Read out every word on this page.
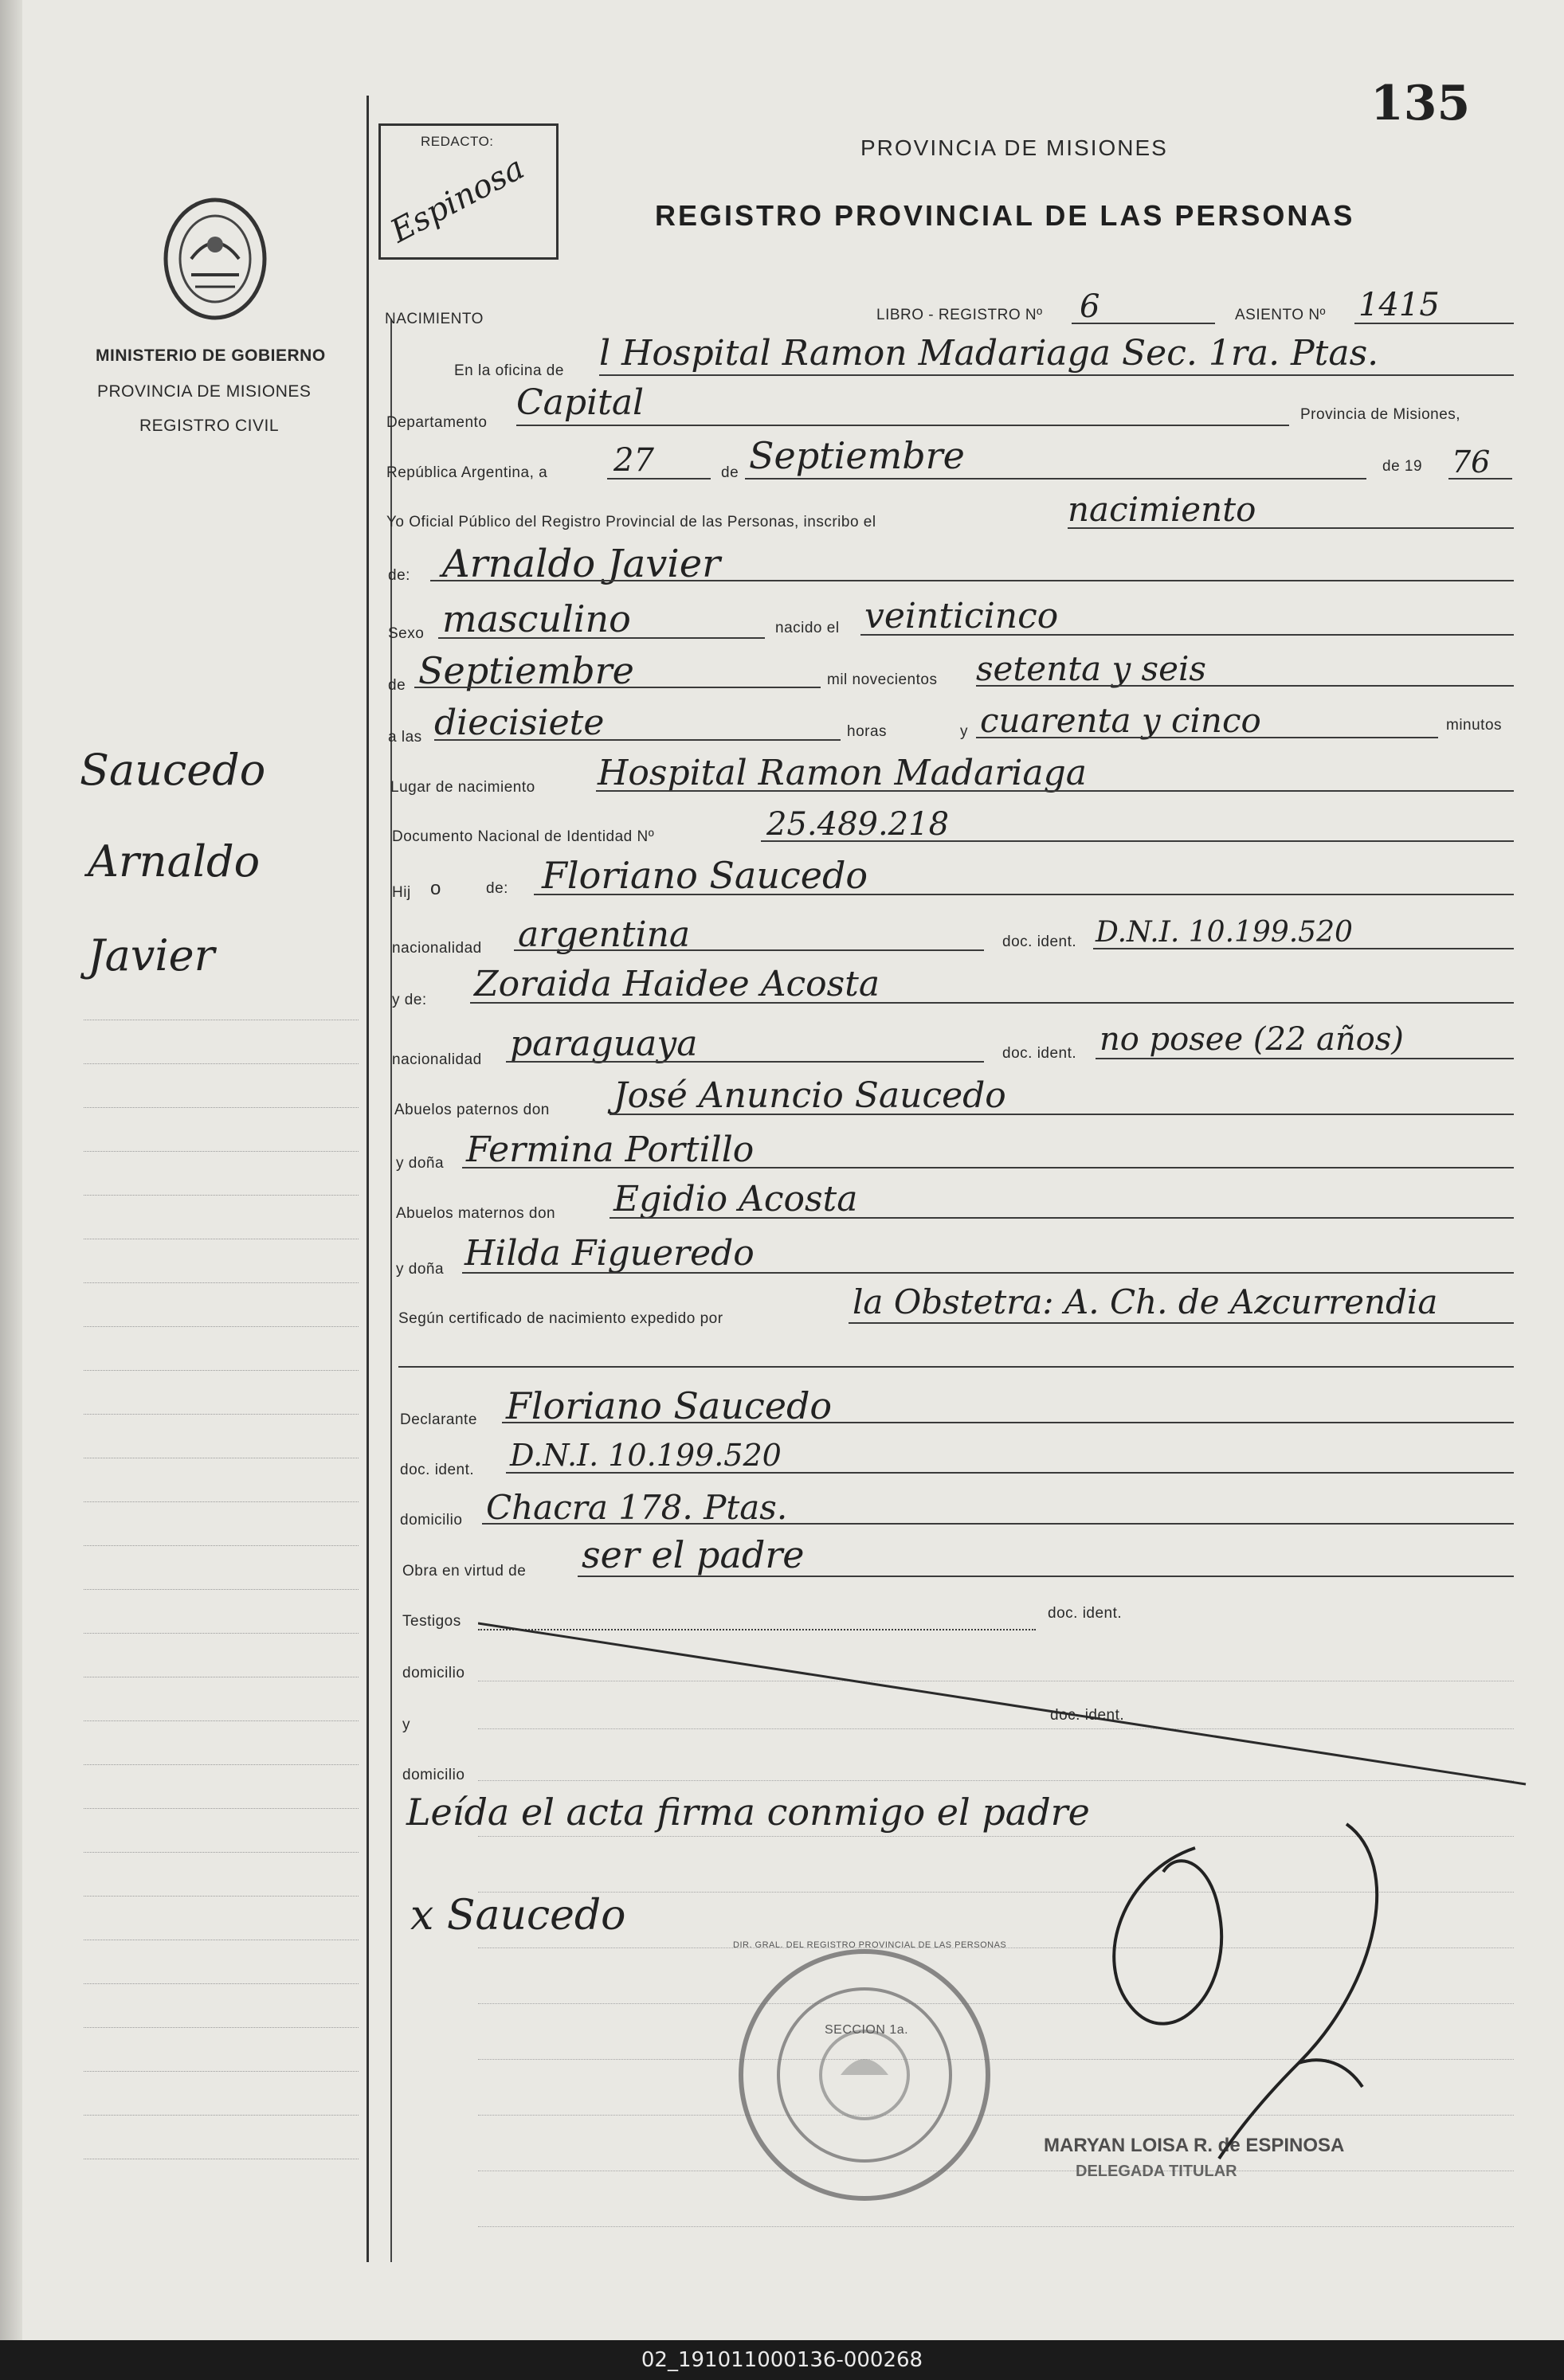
135
REDACTO:
Espinosa
PROVINCIA DE MISIONES
REGISTRO PROVINCIAL DE LAS PERSONAS
MINISTERIO DE GOBIERNO
PROVINCIA DE MISIONES
REGISTRO CIVIL
Saucedo
Arnaldo
Javier
NACIMIENTO	LIBRO - REGISTRO Nº 6	ASIENTO Nº 1415
En la oficina de l Hospital Ramon Madariaga Sec. 1ra. Ptas.
Departamento Capital	Provincia de Misiones,
República Argentina, a 27	de Septiembre	de 19 76
Yo Oficial Público del Registro Provincial de las Personas, inscribo el	nacimiento
de: Arnaldo Javier
Sexo masculino	nacido el veinticinco
de Septiembre	mil novecientos setenta y seis
a las diecisiete	horas	y cuarenta y cinco	minutos
Lugar de nacimiento Hospital Ramon Madariaga
Documento Nacional de Identidad Nº	25.489.218
Hij o	de: Floriano Saucedo
nacionalidad argentina	doc. ident. D.N.I. 10.199.520
y de: Zoraida Haidee Acosta
nacionalidad paraguaya	doc. ident. no posee (22 años)
Abuelos paternos don José Anuncio Saucedo
y doña Fermina Portillo
Abuelos maternos don Egidio Acosta
y doña Hilda Figueredo
Según certificado de nacimiento expedido por	la Obstetra: A. Ch. de Azcurrendia
Declarante Floriano Saucedo
doc. ident. D.N.I. 10.199.520
domicilio Chacra 178. Ptas.
Obra en virtud de ser el padre
Testigos	doc. ident.
domicilio
y
doc. ident.
domicilio
Leída el acta firma conmigo el padre
x Saucedo
DIR. GRAL. DEL REGISTRO PROVINCIAL DE LAS PERSONAS
SECCION 1a.
MARYAN LOISA R. de ESPINOSA
DELEGADA TITULAR
02_191011000136-000268
